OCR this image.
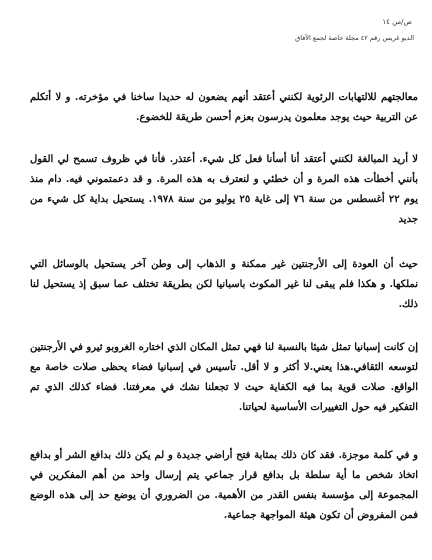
ص/من ١٤
الديو غريس رقم ٤٢ مجلة خاصة لجمع الآفاق

معالجتهم للالتهابات الرئوية لكنني أعتقد أنهم يضعون له حديدا ساخنا في مؤخرته. و لا أتكلم عن التربية حيث يوجد معلمون يدرسون بعزم أحسن طريقة للخضوع.

لا أريد المبالغة لكنني أعتقد أنا أسأنا فعل كل شيء. أعتذر. فأنا في ظروف تسمح لي القول بأنني أخطأت هذه المرة و أن خطئي و لنعترف به هذه المرة. و قد دعمتموني فيه. دام منذ يوم ٢٢ أغسطس من سنة ٧٦ إلى غاية ٢٥ يوليو من سنة ١٩٧٨. يستحيل بداية كل شيء من جديد

حيث أن العودة إلى الأرجنتين غير ممكنة و الذهاب إلى وطن آخر يستحيل بالوسائل التي نملكها. و هكذا فلم يبقى لنا غير المكوث باسبانيا لكن بطريقة تختلف عما سبق إذ يستحيل لنا ذلك.

إن كانت إسبانيا تمثل شيئا بالنسبة لنا فهي تمثل المكان الذي اختاره الغروبو ثيرو في الأرجنتين لتوسعه الثقافي.هذا يعني.لا أكثر و لا أقل. تأسيس في إسبانيا فضاء يحظى صلات خاصة مع الواقع. صلات قوية بما فيه الكفاية حيث لا تجعلنا نشك في معرفتنا. فضاء كذلك الذي تم التفكير فيه حول التغييرات الأساسية لحياتنا.

و في كلمة موجزة. فقد كان ذلك بمثابة فتح أراضي جديدة و لم يكن ذلك بدافع الشر أو بدافع اتخاذ شخص ما أية سلطة بل بدافع قرار جماعي يتم إرسال واحد من أهم المفكرين في المجموعة إلى مؤسسة بنفس القدر من الأهمية. من الضروري أن يوضع حد إلى هذه الوضع فمن المفروض أن تكون هيئة المواجهة جماعية.
